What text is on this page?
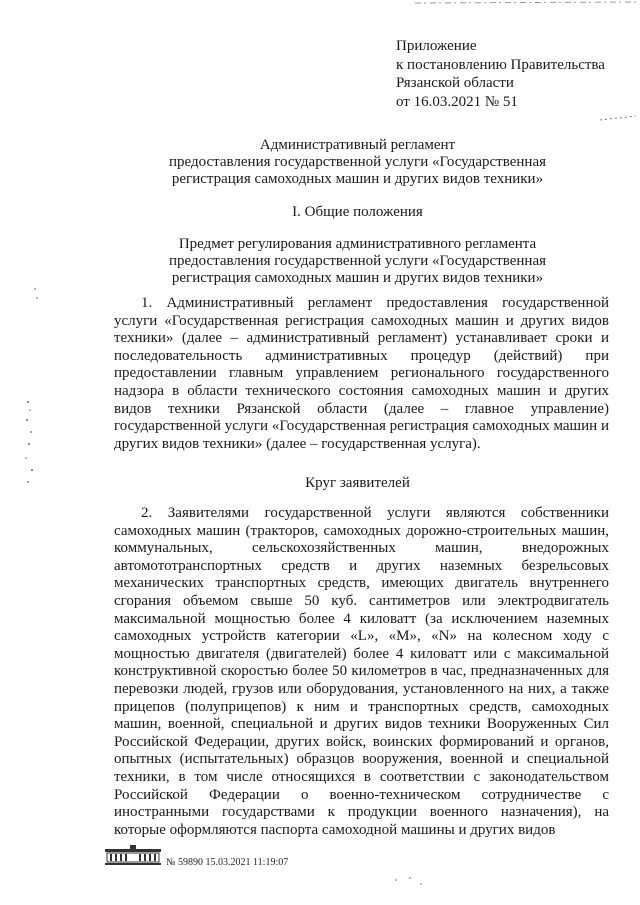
Приложение
к постановлению Правительства
Рязанской области
от 16.03.2021 № 51
Административный регламент
предоставления государственной услуги «Государственная
регистрация самоходных машин и других видов техники»
I. Общие положения
Предмет регулирования административного регламента
предоставления государственной услуги «Государственная
регистрация самоходных машин и других видов техники»

1. Административный регламент предоставления государственной услуги «Государственная регистрация самоходных машин и других видов техники» (далее – административный регламент) устанавливает сроки и последовательность административных процедур (действий) при предоставлении главным управлением регионального государственного надзора в области технического состояния самоходных машин и других видов техники Рязанской области (далее – главное управление) государственной услуги «Государственная регистрация самоходных машин и других видов техники» (далее – государственная услуга).

Круг заявителей

2. Заявителями государственной услуги являются собственники самоходных машин (тракторов, самоходных дорожно-строительных машин, коммунальных, сельскохозяйственных машин, внедорожных автомототранспортных средств и других наземных безрельсовых механических транспортных средств, имеющих двигатель внутреннего сгорания объемом свыше 50 куб. сантиметров или электродвигатель максимальной мощностью более 4 киловатт (за исключением наземных самоходных устройств категории «L», «M», «N» на колесном ходу с мощностью двигателя (двигателей) более 4 киловатт или с максимальной конструктивной скоростью более 50 километров в час, предназначенных для перевозки людей, грузов или оборудования, установленного на них, а также прицепов (полуприцепов) к ним и транспортных средств, самоходных машин, военной, специальной и других видов техники Вооруженных Сил Российской Федерации, других войск, воинских формирований и органов, опытных (испытательных) образцов вооружения, военной и специальной техники, в том числе относящихся в соответствии с законодательством Российской Федерации о военно-техническом сотрудничестве с иностранными государствами к продукции военного назначения), на которые оформляются паспорта самоходной машины и других видов

№ 59890 15.03.2021 11:19:07
